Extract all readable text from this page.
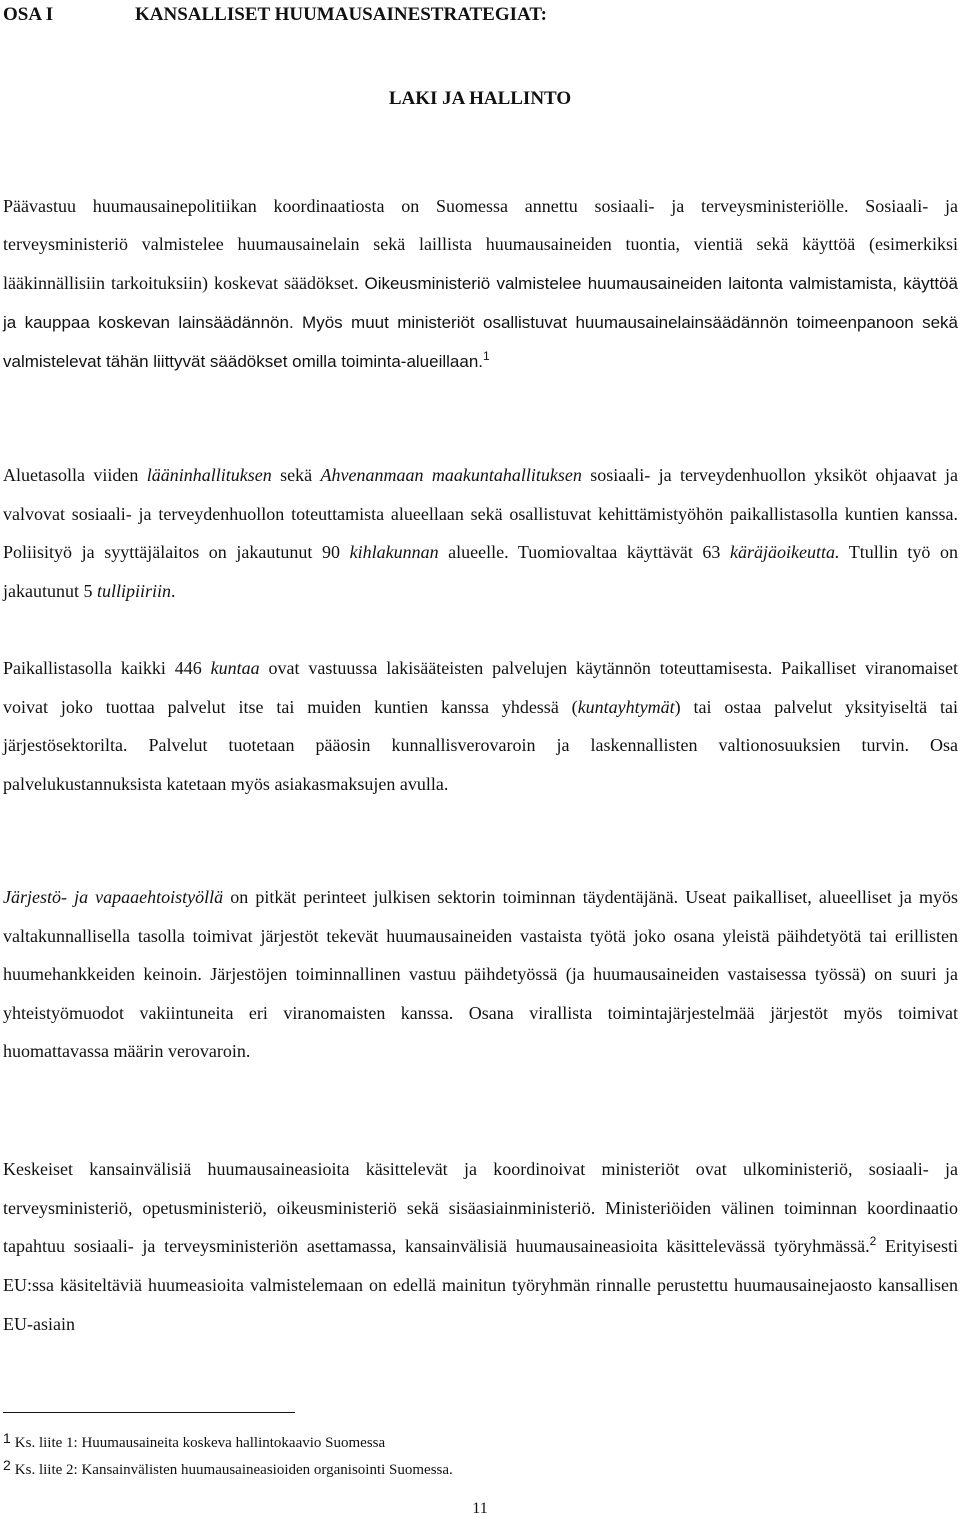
OSA I	KANSALLISET HUUMAUSAINESTRATEGIAT:
LAKI JA HALLINTO
Päävastuu huumausainepolitiikan koordinaatiosta on Suomessa annettu sosiaali- ja terveysministeriölle. Sosiaali- ja terveysministeriö valmistelee huumausainelain sekä laillista huumausaineiden tuontia, vientiä sekä käyttöä (esimerkiksi lääkinnällisiin tarkoituksiin) koskevat säädökset. Oikeusministeriö valmistelee huumausaineiden laitonta valmistamista, käyttöä ja kauppaa koskevan lainsäädännön. Myös muut ministeriöt osallistuvat huumausainelainsäädännön toimeenpanoon sekä valmistelevat tähän liittyvät säädökset omilla toiminta-alueillaan.$^1$
Aluetasolla viiden lääninhallituksen sekä Ahvenanmaan maakuntahallituksen sosiaali- ja terveydenhuollon yksiköt ohjaavat ja valvovat sosiaali- ja terveydenhuollon toteuttamista alueellaan sekä osallistuvat kehittämistyöhön paikallistasolla kuntien kanssa. Poliisityö ja syyttäjälaitos on jakautunut 90 kihlakunnan alueelle. Tuomiovaltaa käyttävät 63 käräjäoikeutta. Ttullin työ on jakautunut 5 tullipiiriin.
Paikallistasolla kaikki 446 kuntaa ovat vastuussa lakisääteisten palvelujen käytännön toteuttamisesta. Paikalliset viranomaiset voivat joko tuottaa palvelut itse tai muiden kuntien kanssa yhdessä (kuntayhtymät) tai ostaa palvelut yksityiseltä tai järjestösektorilta. Palvelut tuotetaan pääosin kunnallisverovaroin ja laskennallisten valtionosuuksien turvin. Osa palvelukustannuksista katetaan myös asiakasmaksujen avulla.
Järjestö- ja vapaaehtoistyöllä on pitkät perinteet julkisen sektorin toiminnan täydentäjänä. Useat paikalliset, alueelliset ja myös valtakunnallisella tasolla toimivat järjestöt tekevät huumausaineiden vastaista työtä joko osana yleistä päihdetyötä tai erillisten huumehankkeiden keinoin. Järjestöjen toiminnallinen vastuu päihdetyössä (ja huumausaineiden vastaisessa työssä) on suuri ja yhteistyömuodot vakiintuneita eri viranomaisten kanssa. Osana virallista toimintajärjestelmää järjestöt myös toimivat huomattavassa määrin verovaroin.
Keskeiset kansainvälisiä huumausaineasioita käsittelevät ja koordinoivat ministeriöt ovat ulkoministeriö, sosiaali- ja terveysministeriö, opetusministeriö, oikeusministeriö sekä sisäasiainministeriö. Ministeriöiden välinen toiminnan koordinaatio tapahtuu sosiaali- ja terveysministeriön asettamassa, kansainvälisiä huumausaineasioita käsittelevässä työryhmässä.$^2$ Erityisesti EU:ssa käsiteltäviä huumeasioita valmistelemaan on edellä mainitun työryhmän rinnalle perustettu huumausainejaosto kansallisen EU-asiain
1 Ks. liite 1: Huumausaineita koskeva hallintokaavio Suomessa
2 Ks. liite 2: Kansainvälisten huumausaineasioiden organisointi Suomessa.
11
